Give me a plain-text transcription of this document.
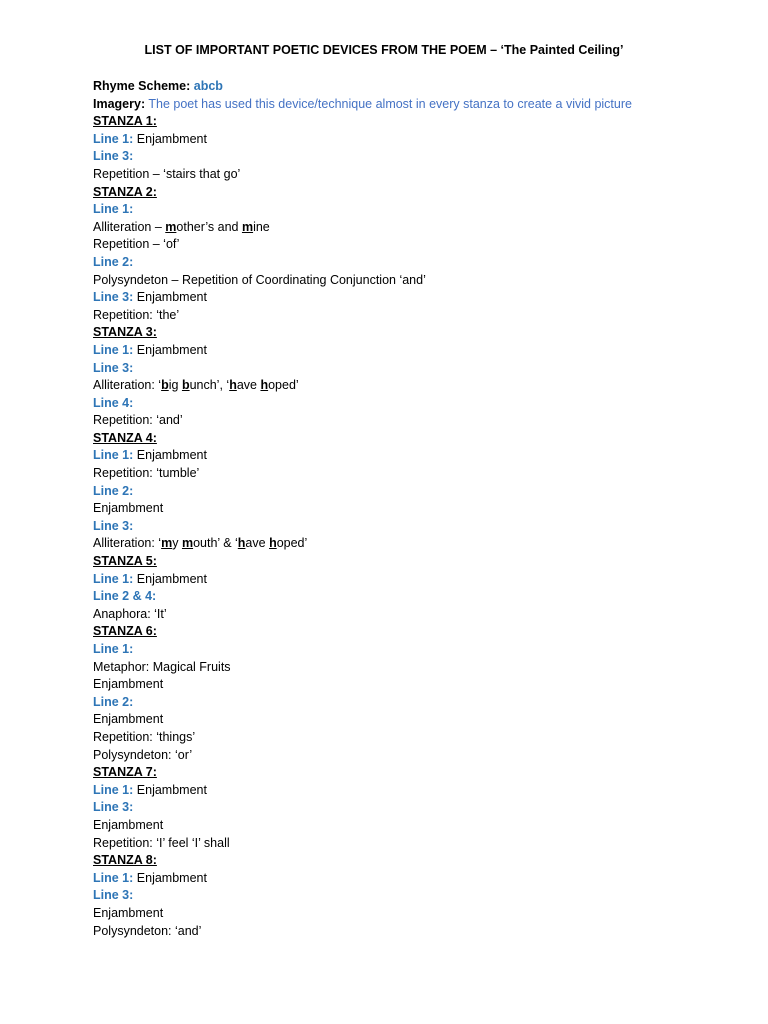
LIST OF IMPORTANT POETIC DEVICES FROM THE POEM – ‘The Painted Ceiling’
Rhyme Scheme: abcb
Imagery: The poet has used this device/technique almost in every stanza to create a vivid picture
STANZA 1:
Line 1: Enjambment
Line 3:
Repetition – ‘stairs that go’
STANZA 2:
Line 1:
Alliteration – mother’s and mine
Repetition – ‘of’
Line 2:
Polysyndeton – Repetition of Coordinating Conjunction ‘and’
Line 3: Enjambment
Repetition: ‘the’
STANZA 3:
Line 1: Enjambment
Line 3:
Alliteration: ‘big bunch’, ‘have hoped’
Line 4:
Repetition: ‘and’
STANZA 4:
Line 1: Enjambment
Repetition: ‘tumble’
Line 2:
Enjambment
Line 3:
Alliteration: ‘my mouth’ & ‘have hoped’
STANZA 5:
Line 1: Enjambment
Line 2 & 4:
Anaphora: ‘It’
STANZA 6:
Line 1:
Metaphor: Magical Fruits
Enjambment
Line 2:
Enjambment
Repetition: ‘things’
Polysyndeton: ‘or’
STANZA 7:
Line 1: Enjambment
Line 3:
Enjambment
Repetition: ‘I’ feel ‘I’ shall
STANZA 8:
Line 1: Enjambment
Line 3:
Enjambment
Polysyndeton: ‘and’
